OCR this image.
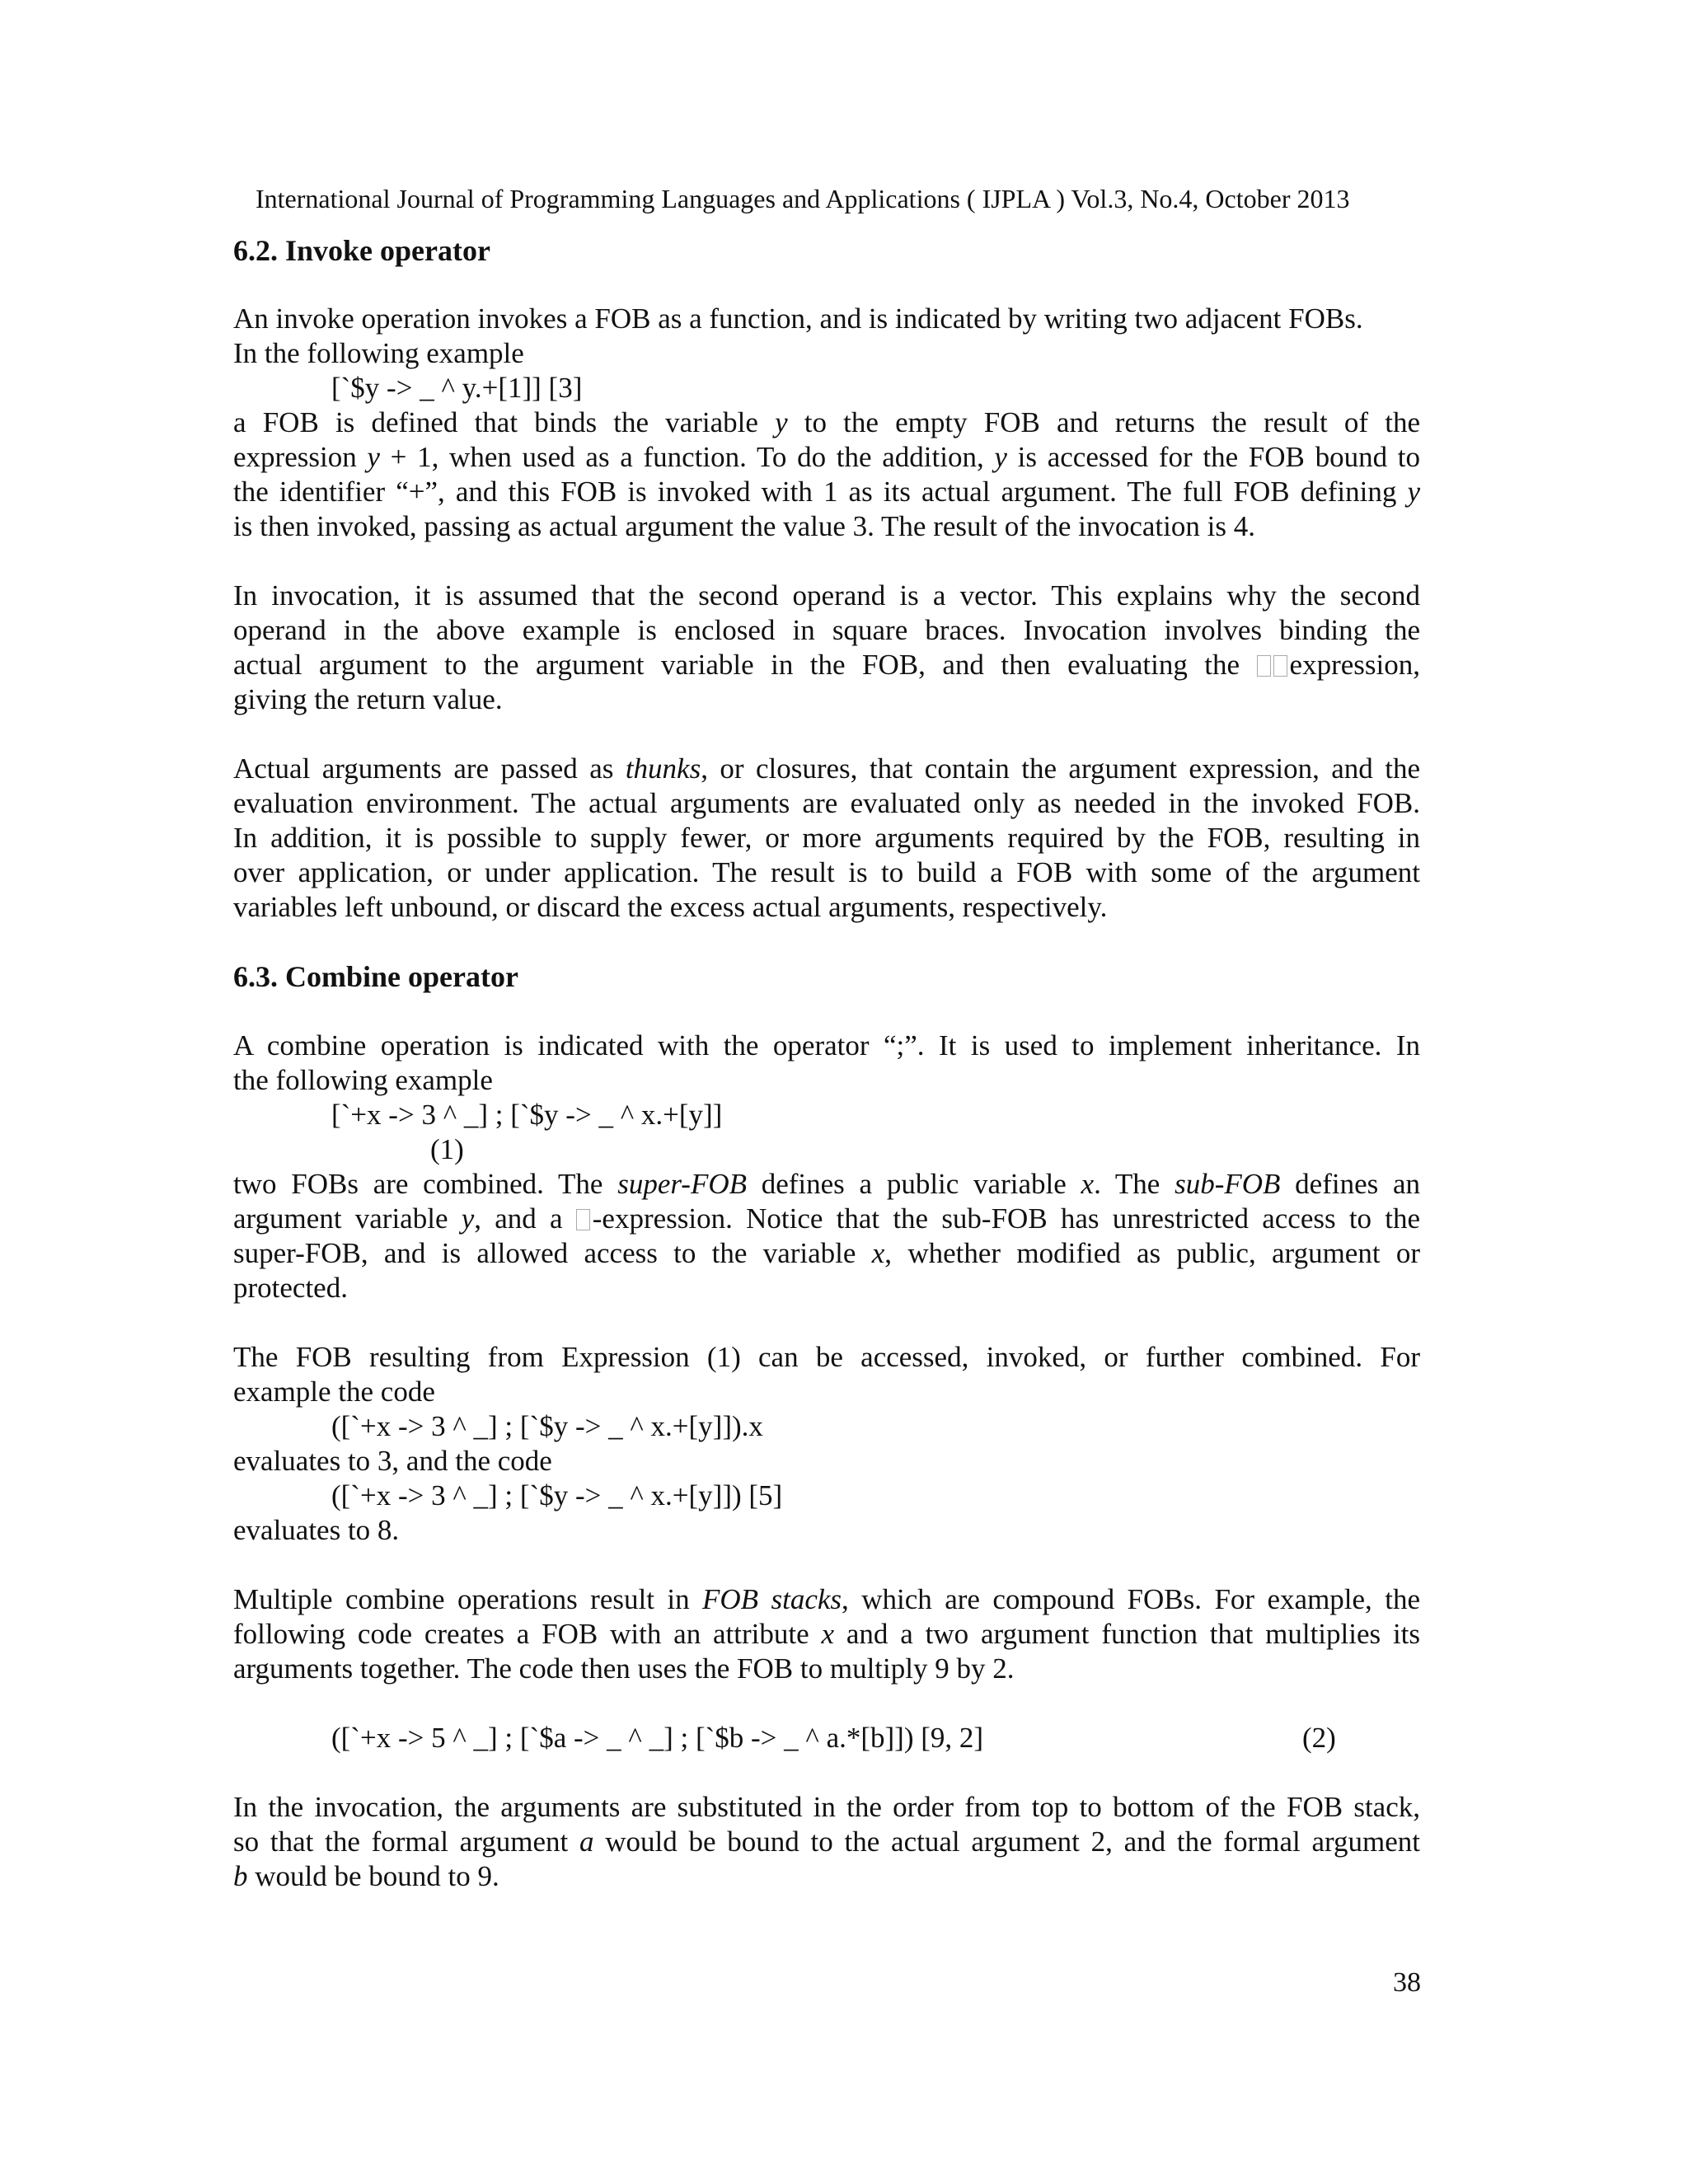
International Journal of Programming Languages and Applications ( IJPLA ) Vol.3, No.4, October 2013
6.2. Invoke operator
An invoke operation invokes a FOB as a function, and is indicated by writing two adjacent FOBs.
In the following example
[`$y -> _ ^ y.+[1]] [3]
a FOB is defined that binds the variable y to the empty FOB and returns the result of the
expression y + 1, when used as a function. To do the addition, y is accessed for the FOB bound to
the identifier “+”, and this FOB is invoked with 1 as its actual argument. The full FOB defining y
is then invoked, passing as actual argument the value 3. The result of the invocation is 4.
In invocation, it is assumed that the second operand is a vector. This explains why the second
operand in the above example is enclosed in square braces. Invocation involves binding the
actual argument to the argument variable in the FOB, and then evaluating the expression,
giving the return value.
Actual arguments are passed as thunks, or closures, that contain the argument expression, and the
evaluation environment. The actual arguments are evaluated only as needed in the invoked FOB.
In addition, it is possible to supply fewer, or more arguments required by the FOB, resulting in
over application, or under application. The result is to build a FOB with some of the argument
variables left unbound, or discard the excess actual arguments, respectively.
6.3. Combine operator
A combine operation is indicated with the operator “;”. It is used to implement inheritance. In
the following example
[`+x -> 3 ^ _] ; [`$y -> _ ^ x.+[y]]
(1)
two FOBs are combined. The super-FOB defines a public variable x. The sub-FOB defines an
argument variable y, and a -expression. Notice that the sub-FOB has unrestricted access to the
super-FOB, and is allowed access to the variable x, whether modified as public, argument or
protected.
The FOB resulting from Expression (1) can be accessed, invoked, or further combined. For
example the code
([`+x -> 3 ^ _] ; [`$y -> _ ^ x.+[y]]).x
evaluates to 3, and the code
([`+x -> 3 ^ _] ; [`$y -> _ ^ x.+[y]]) [5]
evaluates to 8.
Multiple combine operations result in FOB stacks, which are compound FOBs. For example, the
following code creates a FOB with an attribute x and a two argument function that multiplies its
arguments together. The code then uses the FOB to multiply 9 by 2.
([`+x -> 5 ^ _] ; [`$a -> _ ^ _] ; [`$b -> _ ^ a.*[b]]) [9, 2]	(2)
In the invocation, the arguments are substituted in the order from top to bottom of the FOB stack,
so that the formal argument a would be bound to the actual argument 2, and the formal argument
b would be bound to 9.
38
